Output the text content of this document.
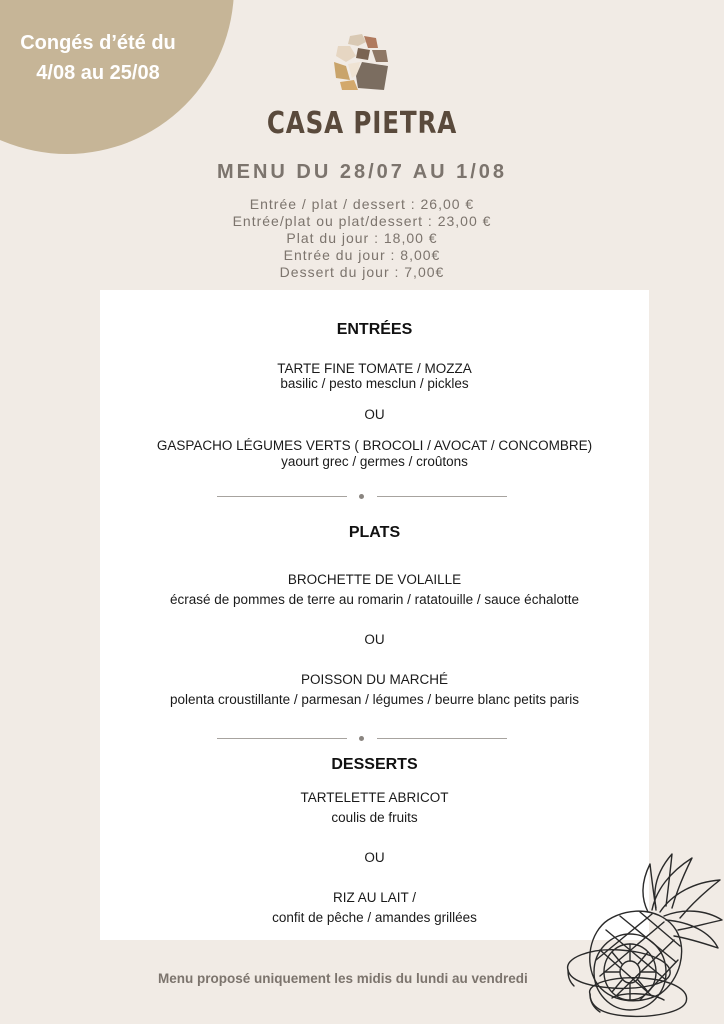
Congés d’été du
4/08 au 25/08
CASA PIETRA
MENU DU 28/07 AU 1/08
Entrée / plat / dessert : 26,00 €
Entrée/plat ou plat/dessert : 23,00 €
Plat du jour : 18,00 €
Entrée du jour : 8,00€
Dessert du jour : 7,00€
ENTRÉES
TARTE FINE TOMATE / MOZZA
basilic / pesto mesclun / pickles
OU
GASPACHO LÉGUMES VERTS ( BROCOLI / AVOCAT / CONCOMBRE)
yaourt grec / germes / croûtons
PLATS
BROCHETTE DE VOLAILLE
écrasé de pommes de terre au romarin / ratatouille / sauce échalotte
OU
POISSON DU MARCHÉ
polenta croustillante / parmesan / légumes / beurre blanc petits paris
DESSERTS
TARTELETTE ABRICOT
coulis de fruits
OU
RIZ AU LAIT /
confit de pêche / amandes grillées
Menu proposé uniquement les midis du lundi au vendredi
